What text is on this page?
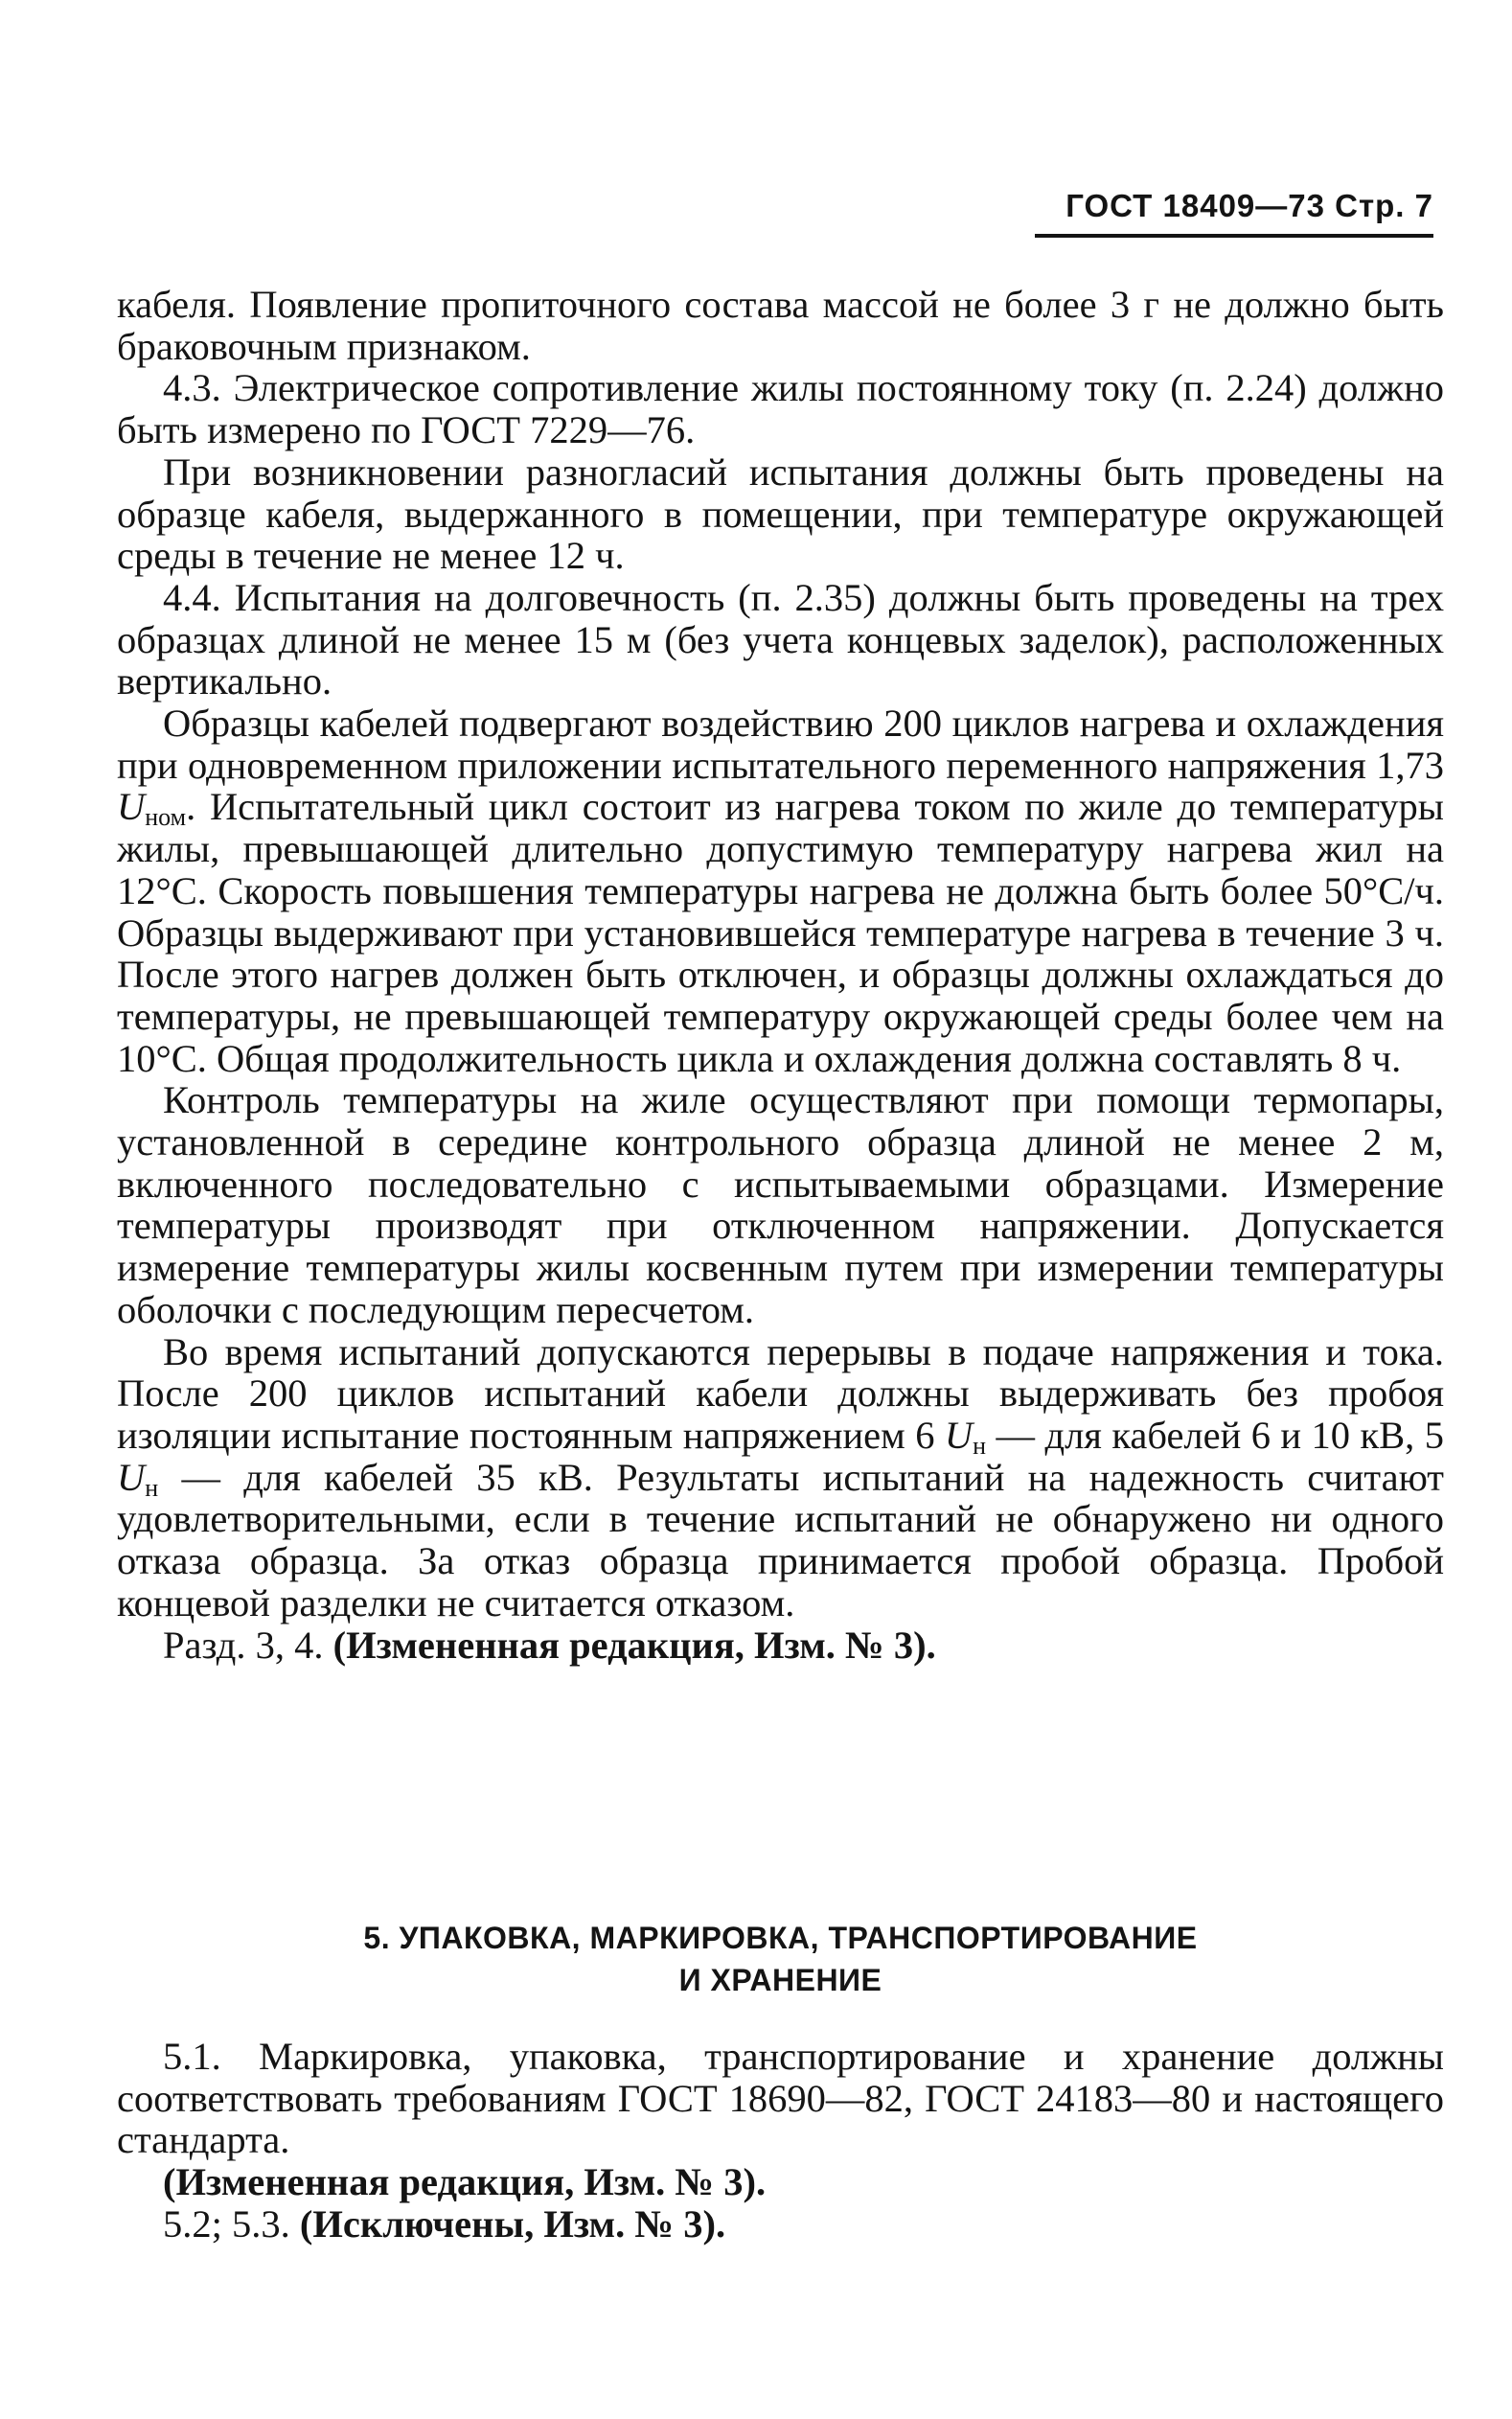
ГОСТ 18409—73 Стр. 7

кабеля. Появление пропиточного состава массой не более 3 г не должно быть браковочным признаком.

4.3. Электрическое сопротивление жилы постоянному току (п. 2.24) должно быть измерено по ГОСТ 7229—76.

При возникновении разногласий испытания должны быть проведены на образце кабеля, выдержанного в помещении, при температуре окружающей среды в течение не менее 12 ч.

4.4. Испытания на долговечность (п. 2.35) должны быть проведены на трех образцах длиной не менее 15 м (без учета концевых заделок), расположенных вертикально.

Образцы кабелей подвергают воздействию 200 циклов нагрева и охлаждения при одновременном приложении испытательного переменного напряжения 1,73 $U_{ном}$. Испытательный цикл состоит из нагрева током по жиле до температуры жилы, превышающей длительно допустимую температуру нагрева жил на 12°С. Скорость повышения температуры нагрева не должна быть более 50°С/ч. Образцы выдерживают при установившейся температуре нагрева в течение 3 ч. После этого нагрев должен быть отключен, и образцы должны охлаждаться до температуры, не превышающей температуру окружающей среды более чем на 10°С. Общая продолжительность цикла и охлаждения должна составлять 8 ч.

Контроль температуры на жиле осуществляют при помощи термопары, установленной в середине контрольного образца длиной не менее 2 м, включенного последовательно с испытываемыми образцами. Измерение температуры производят при отключенном напряжении. Допускается измерение температуры жилы косвенным путем при измерении температуры оболочки с последующим пересчетом.

Во время испытаний допускаются перерывы в подаче напряжения и тока. После 200 циклов испытаний кабели должны выдерживать без пробоя изоляции испытание постоянным напряжением 6 $U_н$ — для кабелей 6 и 10 кВ, 5 $U_н$ — для кабелей 35 кВ. Результаты испытаний на надежность считают удовлетворительными, если в течение испытаний не обнаружено ни одного отказа образца. За отказ образца принимается пробой образца. Пробой концевой разделки не считается отказом.

Разд. 3, 4. (Измененная редакция, Изм. № 3).

5. УПАКОВКА, МАРКИРОВКА, ТРАНСПОРТИРОВАНИЕ
И ХРАНЕНИЕ

5.1. Маркировка, упаковка, транспортирование и хранение должны соответствовать требованиям ГОСТ 18690—82, ГОСТ 24183—80 и настоящего стандарта.

(Измененная редакция, Изм. № 3).

5.2; 5.3. (Исключены, Изм. № 3).
